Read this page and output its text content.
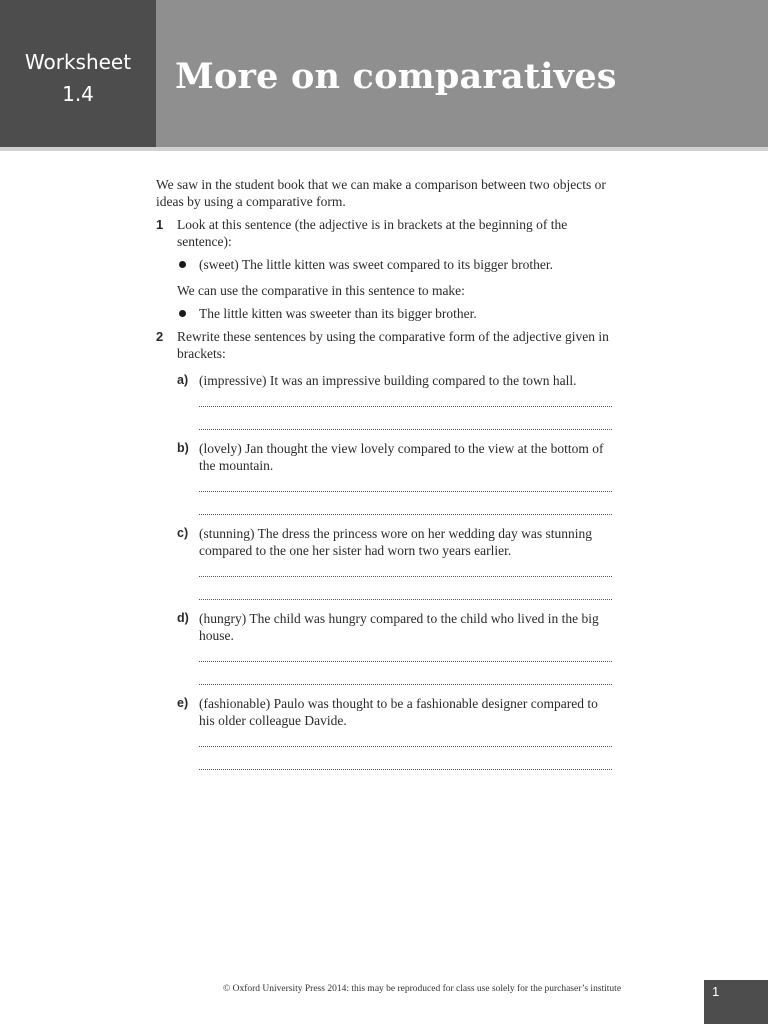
Worksheet
1.4	More on comparatives

We saw in the student book that we can make a comparison between two objects or ideas by using a comparative form.

1 Look at this sentence (the adjective is in brackets at the beginning of the sentence):
(sweet) The little kitten was sweet compared to its bigger brother.
We can use the comparative in this sentence to make:
The little kitten was sweeter than its bigger brother.
2 Rewrite these sentences by using the comparative form of the adjective given in brackets:
a) (impressive) It was an impressive building compared to the town hall.
b) (lovely) Jan thought the view lovely compared to the view at the bottom of the mountain.
c) (stunning) The dress the princess wore on her wedding day was stunning compared to the one her sister had worn two years earlier.
d) (hungry) The child was hungry compared to the child who lived in the big house.
e) (fashionable) Paulo was thought to be a fashionable designer compared to his older colleague Davide.
© Oxford University Press 2014: this may be reproduced for class use solely for the purchaser’s institute	1
